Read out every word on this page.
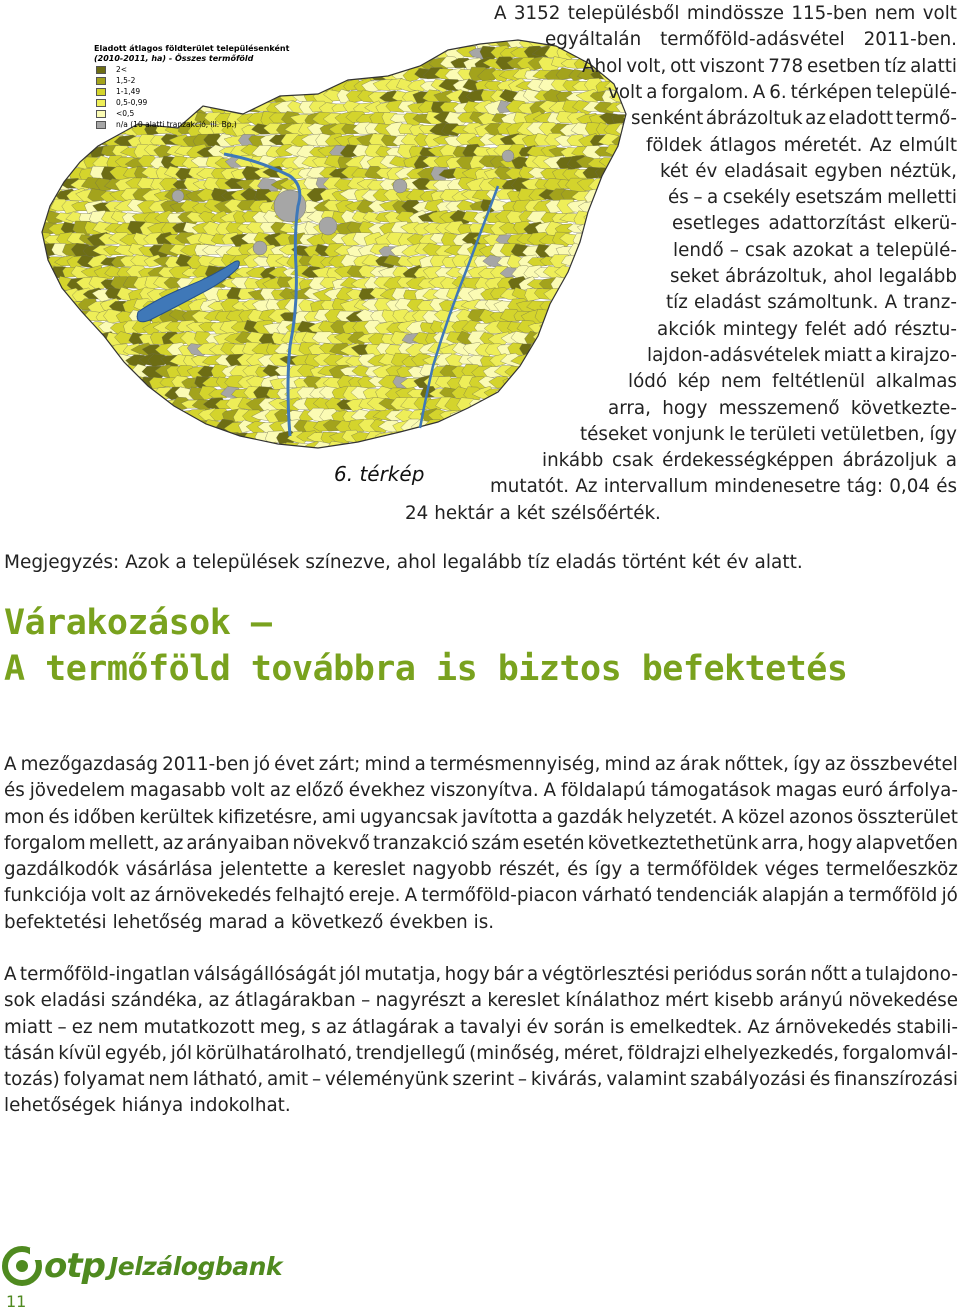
Eladott átlagos földterület településenként
(2010-2011, ha) - Összes termőföld
2<
1,5-2
1-1,49
0,5-0,99
<0,5
n/a (10 alatti tranzakció, ill. Bp.)
6. térkép
A 3152 településből mindössze 115-ben nem volt
egyáltalán termőföld-adásvétel 2011-ben.
Ahol volt, ott viszont 778 esetben tíz alatti
volt a forgalom. A 6. térképen települé-
senként ábrázoltuk az eladott termő-
földek átlagos méretét. Az elmúlt
két év eladásait egyben néztük,
és – a csekély esetszám melletti
esetleges adattorzítást elkerü-
lendő – csak azokat a települé-
seket ábrázoltuk, ahol legalább
tíz eladást számoltunk. A tranz-
akciók mintegy felét adó résztu-
lajdon-adásvételek miatt a kirajzo-
lódó kép nem feltétlenül alkalmas
arra, hogy messzemenő következte-
téseket vonjunk le területi vetületben, így
inkább csak érdekességképpen ábrázoljuk a
mutatót. Az intervallum mindenesetre tág: 0,04 és
24 hektár a két szélsőérték.
Megjegyzés: Azok a települések színezve, ahol legalább tíz eladás történt két év alatt.
Várakozások –
A termőföld továbbra is biztos befektetés
A mezőgazdaság 2011-ben jó évet zárt; mind a termésmennyiség, mind az árak nőttek, így az összbevétel
és jövedelem magasabb volt az előző évekhez viszonyítva. A földalapú támogatások magas euró árfolya-
mon és időben kerültek kifizetésre, ami ugyancsak javította a gazdák helyzetét. A közel azonos összterület
forgalom mellett, az arányaiban növekvő tranzakció szám esetén következtethetünk arra, hogy alapvetően
gazdálkodók vásárlása jelentette a kereslet nagyobb részét, és így a termőföldek véges termelőeszköz
funkciója volt az árnövekedés felhajtó ereje. A termőföld-piacon várható tendenciák alapján a termőföld jó
befektetési lehetőség marad a következő években is.
A termőföld-ingatlan válságállóságát jól mutatja, hogy bár a végtörlesztési periódus során nőtt a tulajdono-
sok eladási szándéka, az átlagárakban – nagyrészt a kereslet kínálathoz mért kisebb arányú növekedése
miatt – ez nem mutatkozott meg, s az átlagárak a tavalyi év során is emelkedtek. Az árnövekedés stabili-
tásán kívül egyéb, jól körülhatárolható, trendjellegű (minőség, méret, földrajzi elhelyezkedés, forgalomvál-
tozás) folyamat nem látható, amit – véleményünk szerint – kivárás, valamint szabályozási és finanszírozási
lehetőségek hiánya indokolhat.
otp Jelzálogbank
11
